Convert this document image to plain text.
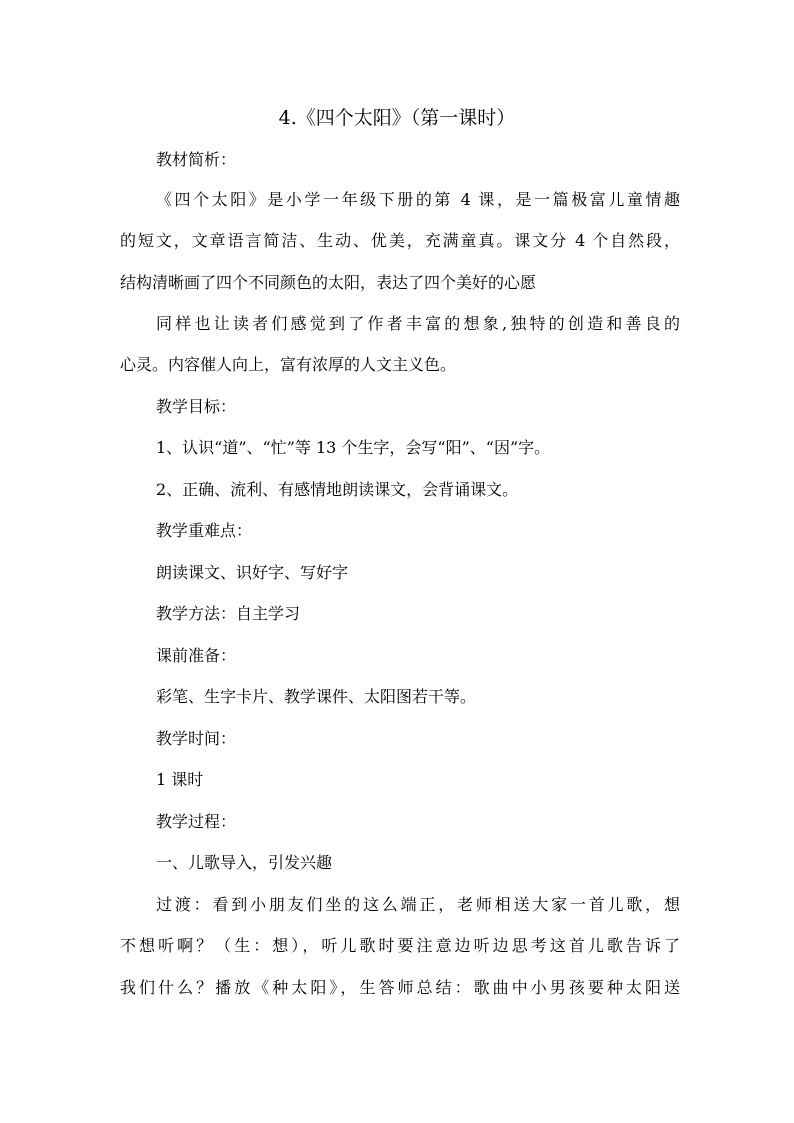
4.《四个太阳》（第一课时）
教材简析：
《四个太阳》是小学一年级下册的第 4 课，是一篇极富儿童情趣
的短文，文章语言简洁、生动、优美，充满童真。课文分 4 个自然段，
结构清晰画了四个不同颜色的太阳，表达了四个美好的心愿
同样也让读者们感觉到了作者丰富的想象,独特的创造和善良的
心灵。内容催人向上，富有浓厚的人文主义色。
教学目标：
1、认识“道”、“忙”等 13 个生字，会写“阳”、“因”字。
2、正确、流利、有感情地朗读课文，会背诵课文。
教学重难点：
朗读课文、识好字、写好字
教学方法：自主学习
课前准备：
彩笔、生字卡片、教学课件、太阳图若干等。
教学时间：
1 课时
教学过程：
一、儿歌导入，引发兴趣
过渡：看到小朋友们坐的这么端正，老师相送大家一首儿歌，想
不想听啊？（生：想），听儿歌时要注意边听边思考这首儿歌告诉了
我们什么？播放《种太阳》，生答师总结：歌曲中小男孩要种太阳送
